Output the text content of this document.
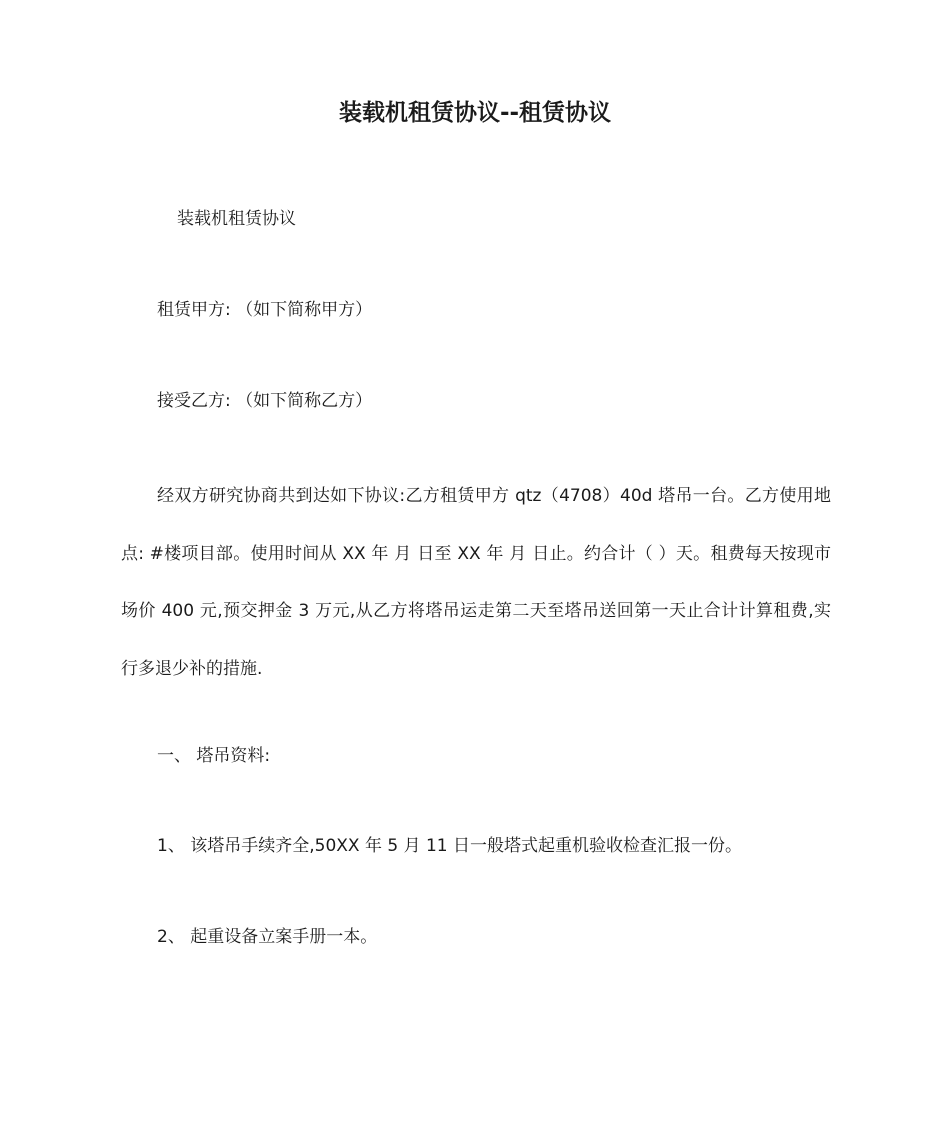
装载机租赁协议--租赁协议
装载机租赁协议
租赁甲方: （如下简称甲方）
接受乙方: （如下简称乙方）
经双方研究协商共到达如下协议:乙方租赁甲方 qtz（4708）40d 塔吊一台。乙方使用地点: #楼项目部。使用时间从 XX 年 月 日至 XX 年 月 日止。约合计（ ）天。租费每天按现市场价 400 元,预交押金 3 万元,从乙方将塔吊运走第二天至塔吊送回第一天止合计计算租费,实行多退少补的措施.
一、 塔吊资料:
1、 该塔吊手续齐全,50XX 年 5 月 11 日一般塔式起重机验收检查汇报一份。
2、 起重设备立案手册一本。
